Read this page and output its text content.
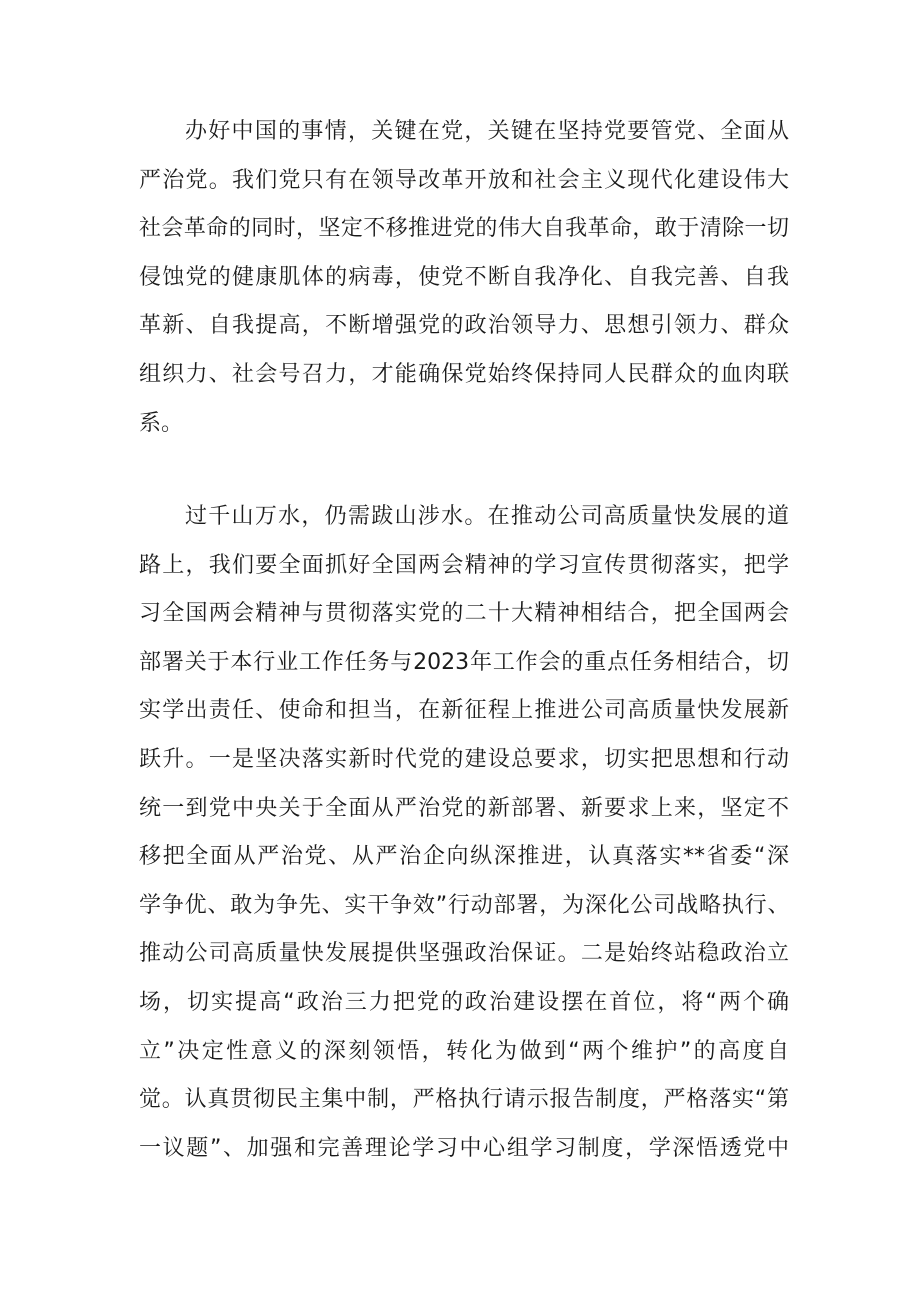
办好中国的事情，关键在党，关键在坚持党要管党、全面从
严治党。我们党只有在领导改革开放和社会主义现代化建设伟大
社会革命的同时，坚定不移推进党的伟大自我革命，敢于清除一切
侵蚀党的健康肌体的病毒，使党不断自我净化、自我完善、自我
革新、自我提高，不断增强党的政治领导力、思想引领力、群众
组织力、社会号召力，才能确保党始终保持同人民群众的血肉联
系。
过千山万水，仍需跋山涉水。在推动公司高质量快发展的道
路上，我们要全面抓好全国两会精神的学习宣传贯彻落实，把学
习全国两会精神与贯彻落实党的二十大精神相结合，把全国两会
部署关于本行业工作任务与2023年工作会的重点任务相结合，切
实学出责任、使命和担当，在新征程上推进公司高质量快发展新
跃升。一是坚决落实新时代党的建设总要求，切实把思想和行动
统一到党中央关于全面从严治党的新部署、新要求上来，坚定不
移把全面从严治党、从严治企向纵深推进，认真落实**省委“深
学争优、敢为争先、实干争效”行动部署，为深化公司战略执行、
推动公司高质量快发展提供坚强政治保证。二是始终站稳政治立
场，切实提高“政治三力把党的政治建设摆在首位，将“两个确
立”决定性意义的深刻领悟，转化为做到“两个维护”的高度自
觉。认真贯彻民主集中制，严格执行请示报告制度，严格落实“第
一议题”、加强和完善理论学习中心组学习制度，学深悟透党中
